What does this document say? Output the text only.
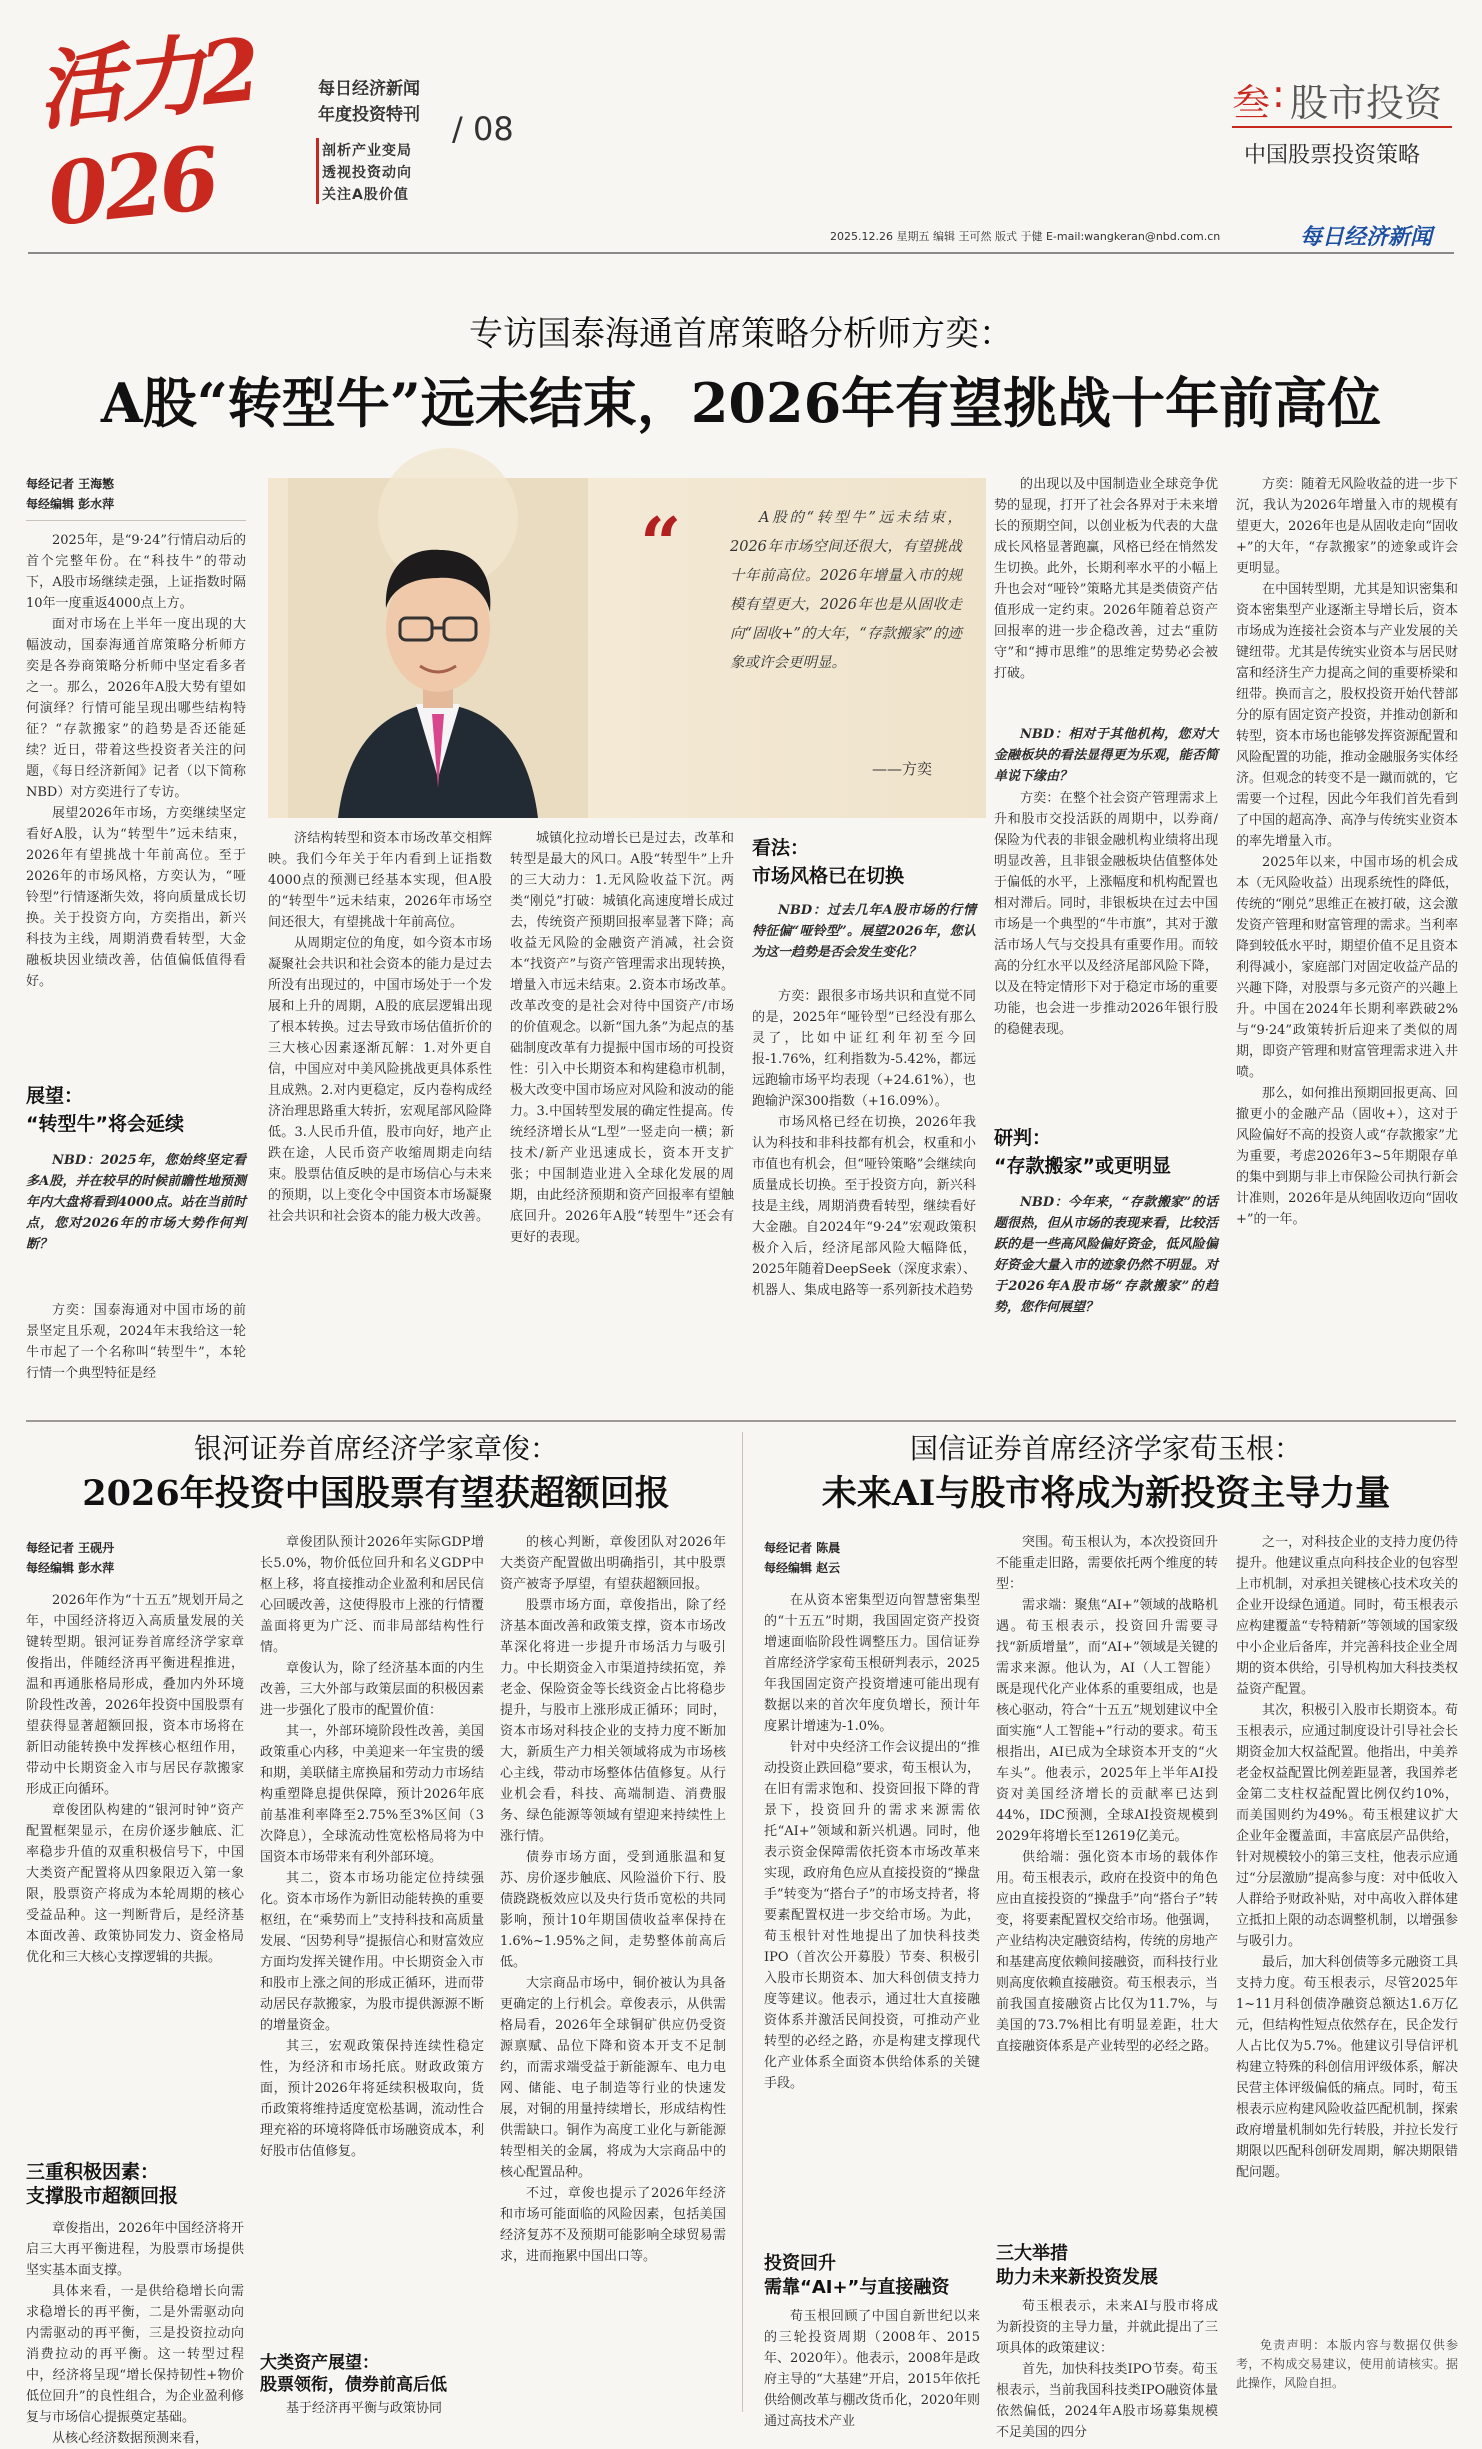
活力2026
每日经济新闻
年度投资特刊 / 08
剖析产业变局
透视投资动向
关注A股价值
叁 : 股市投资
中国股票投资策略
2025.12.26 星期五 编辑 王可然 版式 于健 E-mail:wangkeran@nbd.com.cn	每日经济新闻
专访国泰海通首席策略分析师方奕：
A股“转型牛”远未结束，2026年有望挑战十年前高位
每经记者 王海慜
每经编辑 彭水萍

2025年，是“9·24”行情启动后的首个完整年份。在“科技牛”的带动下，A股市场继续走强，上证指数时隔10年一度重返4000点上方。

面对市场在上半年一度出现的大幅波动，国泰海通首席策略分析师方奕是各券商策略分析师中坚定看多者之一。那么，2026年A股大势有望如何演绎？行情可能呈现出哪些结构特征？“存款搬家”的趋势是否还能延续？近日，带着这些投资者关注的问题，《每日经济新闻》记者（以下简称NBD）对方奕进行了专访。

展望2026年市场，方奕继续坚定看好A股，认为“转型牛”远未结束，2026年有望挑战十年前高位。至于2026年的市场风格，方奕认为，“哑铃型”行情逐渐失效，将向质量成长切换。关于投资方向，方奕指出，新兴科技为主线，周期消费看转型，大金融板块因业绩改善，估值偏低值得看好。

展望：
“转型牛”将会延续
NBD：2025年，您始终坚定看多A股，并在较早的时候前瞻性地预测年内大盘将看到4000点。站在当前时点，您对2026年的市场大势作何判断？
方奕：国泰海通对中国市场的前景坚定且乐观，2024年末我给这一轮牛市起了一个名称叫“转型牛”，本轮行情一个典型特征是经
“	A股的“转型牛”远未结束，2026年市场空间还很大，有望挑战十年前高位。2026年增量入市的规模有望更大，2026年也是从固收走向“固收+”的大年，“存款搬家”的迹象或许会更明显。
——方奕

济结构转型和资本市场改革交相辉映。我们今年关于年内看到上证指数4000点的预测已经基本实现，但A股的“转型牛”远未结束，2026年市场空间还很大，有望挑战十年前高位。

从周期定位的角度，如今资本市场凝聚社会共识和社会资本的能力是过去所没有出现过的，中国市场处于一个发展和上升的周期，A股的底层逻辑出现了根本转换。过去导致市场估值折价的三大核心因素逐渐瓦解：1.对外更自信，中国应对中美风险挑战更具体系性且成熟。2.对内更稳定，反内卷构成经济治理思路重大转折，宏观尾部风险降低。3.人民币升值，股市向好，地产止跌在途，人民币资产收缩周期走向结束。股票估值反映的是市场信心与未来的预期，以上变化令中国资本市场凝聚社会共识和社会资本的能力极大改善。

城镇化拉动增长已是过去，改革和转型是最大的风口。A股“转型牛”上升的三大动力：1.无风险收益下沉。两类“刚兑”打破：城镇化高速度增长成过去，传统资产预期回报率显著下降；高收益无风险的金融资产消减，社会资本“找资产”与资产管理需求出现转换，增量入市远未结束。2.资本市场改革。改革改变的是社会对待中国资产/市场的价值观念。以新“国九条”为起点的基础制度改革有力提振中国市场的可投资性：引入中长期资本和构建稳市机制，极大改变中国市场应对风险和波动的能力。3.中国转型发展的确定性提高。传统经济增长从“L型”一竖走向一横；新技术/新产业迅速成长，资本开支扩张；中国制造业进入全球化发展的周期，由此经济预期和资产回报率有望触底回升。2026年A股“转型牛”还会有更好的表现。
看法：
市场风格已在切换
NBD：过去几年A股市场的行情特征偏“哑铃型”。展望2026年，您认为这一趋势是否会发生变化？

方奕：跟很多市场共识和直觉不同的是，2025年“哑铃型”已经没有那么灵了，比如中证红利年初至今回报-1.76%，红利指数为-5.42%，都远远跑输市场平均表现（+24.61%），也跑输沪深300指数（+16.09%）。

市场风格已经在切换，2026年我认为科技和非科技都有机会，权重和小市值也有机会，但“哑铃策略”会继续向质量成长切换。至于投资方向，新兴科技是主线，周期消费看转型，继续看好大金融。自2024年“9·24”宏观政策积极介入后，经济尾部风险大幅降低，2025年随着DeepSeek（深度求索）、机器人、集成电路等一系列新技术趋势

的出现以及中国制造业全球竞争优势的显现，打开了社会各界对于未来增长的预期空间，以创业板为代表的大盘成长风格显著跑赢，风格已经在悄然发生切换。此外，长期利率水平的小幅上升也会对“哑铃”策略尤其是类债资产估值形成一定约束。2026年随着总资产回报率的进一步企稳改善，过去“重防守”和“搏市思维”的思维定势势必会被打破。
NBD：相对于其他机构，您对大金融板块的看法显得更为乐观，能否简单说下缘由？
方奕：在整个社会资产管理需求上升和股市交投活跃的周期中，以券商/保险为代表的非银金融机构业绩将出现明显改善，且非银金融板块估值整体处于偏低的水平，上涨幅度和机构配置也相对滞后。同时，非银板块在过去中国市场是一个典型的“牛市旗”，其对于激活市场人气与交投具有重要作用。而较高的分红水平以及经济尾部风险下降，以及在特定情形下对于稳定市场的重要功能，也会进一步推动2026年银行股的稳健表现。
研判：
“存款搬家”或更明显
NBD：今年来，“存款搬家”的话题很热，但从市场的表现来看，比较活跃的是一些高风险偏好资金，低风险偏好资金大量入市的迹象仍然不明显。对于2026年A股市场“存款搬家”的趋势，您作何展望？

方奕：随着无风险收益的进一步下沉，我认为2026年增量入市的规模有望更大，2026年也是从固收走向“固收+”的大年，“存款搬家”的迹象或许会更明显。

在中国转型期，尤其是知识密集和资本密集型产业逐渐主导增长后，资本市场成为连接社会资本与产业发展的关键纽带。尤其是传统实业资本与居民财富和经济生产力提高之间的重要桥梁和纽带。换而言之，股权投资开始代替部分的原有固定资产投资，并推动创新和转型，资本市场也能够发挥资源配置和风险配置的功能，推动金融服务实体经济。但观念的转变不是一蹴而就的，它需要一个过程，因此今年我们首先看到了中国的超高净、高净与传统实业资本的率先增量入市。

2025年以来，中国市场的机会成本（无风险收益）出现系统性的降低，传统的“刚兑”思维正在被打破，这会激发资产管理和财富管理的需求。当利率降到较低水平时，期望价值不足且资本利得减小，家庭部门对固定收益产品的兴趣下降，对股票与多元资产的兴趣上升。中国在2024年长期利率跌破2%与“9·24”政策转折后迎来了类似的周期，即资产管理和财富管理需求进入井喷。

那么，如何推出预期回报更高、回撤更小的金融产品（固收+），这对于风险偏好不高的投资人或“存款搬家”尤为重要，考虑2026年3~5年期限存单的集中到期与非上市保险公司执行新会计准则，2026年是从纯固收迈向“固收+”的一年。

银河证券首席经济学家章俊：
2026年投资中国股票有望获超额回报
每经记者 王砚丹
每经编辑 彭水萍

2026年作为“十五五”规划开局之年，中国经济将迈入高质量发展的关键转型期。银河证券首席经济学家章俊指出，伴随经济再平衡进程推进，温和再通胀格局形成，叠加内外环境阶段性改善，2026年投资中国股票有望获得显著超额回报，资本市场将在新旧动能转换中发挥核心枢纽作用，带动中长期资金入市与居民存款搬家形成正向循环。

章俊团队构建的“银河时钟”资产配置框架显示，在房价逐步触底、汇率稳步升值的双重积极信号下，中国大类资产配置将从四象限迈入第一象限，股票资产将成为本轮周期的核心受益品种。这一判断背后，是经济基本面改善、政策协同发力、资金格局优化和三大核心支撑逻辑的共振。

三重积极因素：
支撑股市超额回报

章俊指出，2026年中国经济将开启三大再平衡进程，为股票市场提供坚实基本面支撑。

具体来看，一是供给稳增长向需求稳增长的再平衡，二是外需驱动向内需驱动的再平衡，三是投资拉动向消费拉动的再平衡。这一转型过程中，经济将呈现“增长保持韧性+物价低位回升”的良性组合，为企业盈利修复与市场信心提振奠定基础。

从核心经济数据预测来看，

章俊团队预计2026年实际GDP增长5.0%，物价低位回升和名义GDP中枢上移，将直接推动企业盈利和居民信心回暖改善，这使得股市上涨的行情覆盖面将更为广泛、而非局部结构性行情。

章俊认为，除了经济基本面的内生改善，三大外部与政策层面的积极因素进一步强化了股市的配置价值：

其一，外部环境阶段性改善，美国政策重心内移，中美迎来一年宝贵的缓和期，美联储主席换届和劳动力市场结构重塑降息提供保障，预计2026年底前基准利率降至2.75%至3%区间（3次降息），全球流动性宽松格局将为中国资本市场带来有利外部环境。

其二，资本市场功能定位持续强化。资本市场作为新旧动能转换的重要枢纽，在“乘势而上”支持科技和高质量发展、“因势利导”提振信心和财富效应方面均发挥关键作用。中长期资金入市和股市上涨之间的形成正循环，进而带动居民存款搬家，为股市提供源源不断的增量资金。

其三，宏观政策保持连续性稳定性，为经济和市场托底。财政政策方面，预计2026年将延续积极取向，货币政策将维持适度宽松基调，流动性合理充裕的环境将降低市场融资成本，利好股市估值修复。

大类资产展望：
股票领衔，债券前高后低
基于经济再平衡与政策协同

的核心判断，章俊团队对2026年大类资产配置做出明确指引，其中股票资产被寄予厚望，有望获超额回报。

股票市场方面，章俊指出，除了经济基本面改善和政策支撑，资本市场改革深化将进一步提升市场活力与吸引力。中长期资金入市渠道持续拓宽，养老金、保险资金等长线资金占比将稳步提升，与股市上涨形成正循环；同时，资本市场对科技企业的支持力度不断加大，新质生产力相关领域将成为市场核心主线，带动市场整体估值修复。从行业机会看，科技、高端制造、消费服务、绿色能源等领域有望迎来持续性上涨行情。

债券市场方面，受到通胀温和复苏、房价逐步触底、风险溢价下行、股债跷跷板效应以及央行货币宽松的共同影响，预计10年期国债收益率保持在1.6%~1.95%之间，走势整体前高后低。

大宗商品市场中，铜价被认为具备更确定的上行机会。章俊表示，从供需格局看，2026年全球铜矿供应仍受资源禀赋、品位下降和资本开支不足制约，而需求端受益于新能源车、电力电网、储能、电子制造等行业的快速发展，对铜的用量持续增长，形成结构性供需缺口。铜作为高度工业化与新能源转型相关的金属，将成为大宗商品中的核心配置品种。

不过，章俊也提示了2026年经济和市场可能面临的风险因素，包括美国经济复苏不及预期可能影响全球贸易需求，进而拖累中国出口等。

国信证券首席经济学家荀玉根：
未来AI与股市将成为新投资主导力量
每经记者 陈晨
每经编辑 赵云

在从资本密集型迈向智慧密集型的“十五五”时期，我国固定资产投资增速面临阶段性调整压力。国信证券首席经济学家荀玉根研判表示，2025年我国固定资产投资增速可能出现有数据以来的首次年度负增长，预计年度累计增速为-1.0%。

针对中央经济工作会议提出的“推动投资止跌回稳”要求，荀玉根认为，在旧有需求饱和、投资回报下降的背景下，投资回升的需求来源需依托“AI+”领域和新兴机遇。同时，他表示资金保障需依托资本市场改革来实现，政府角色应从直接投资的“操盘手”转变为“搭台子”的市场支持者，将要素配置权进一步交给市场。为此，荀玉根针对性地提出了加快科技类IPO（首次公开募股）节奏、积极引入股市长期资本、加大科创债支持力度等建议。他表示，通过壮大直接融资体系并激活民间投资，可推动产业转型的必经之路，亦是构建支撑现代化产业体系全面资本供给体系的关键手段。

投资回升
需靠“AI+”与直接融资
荀玉根回顾了中国自新世纪以来的三轮投资周期（2008年、2015年、2020年）。他表示，2008年是政府主导的“大基建”开启，2015年依托供给侧改革与棚改货币化，2020年则通过高技术产业

突围。荀玉根认为，本次投资回升不能重走旧路，需要依托两个维度的转型：

需求端：聚焦“AI+”领域的战略机遇。荀玉根表示，投资回升需要寻找“新质增量”，而“AI+”领域是关键的需求来源。他认为，AI（人工智能）既是现代化产业体系的重要组成，也是核心驱动，符合“十五五”规划建议中全面实施“人工智能+”行动的要求。荀玉根指出，AI已成为全球资本开支的“火车头”。他表示，2025年上半年AI投资对美国经济增长的贡献率已达到44%，IDC预测，全球AI投资规模到2029年将增长至12619亿美元。

供给端：强化资本市场的载体作用。荀玉根表示，政府在投资中的角色应由直接投资的“操盘手”向“搭台子”转变，将要素配置权交给市场。他强调，产业结构决定融资结构，传统的房地产和基建高度依赖间接融资，而科技行业则高度依赖直接融资。荀玉根表示，当前我国直接融资占比仅为11.7%，与美国的73.7%相比有明显差距，壮大直接融资体系是产业转型的必经之路。

三大举措
助力未来新投资发展

荀玉根表示，未来AI与股市将成为新投资的主导力量，并就此提出了三项具体的政策建议：

首先，加快科技类IPO节奏。荀玉根表示，当前我国科技类IPO融资体量依然偏低，2024年A股市场募集规模不足美国的四分

之一，对科技企业的支持力度仍待提升。他建议重点向科技企业的包容型上市机制，对承担关键核心技术攻关的企业开设绿色通道。同时，荀玉根表示应构建覆盖“专特精新”等领域的国家级中小企业后备库，并完善科技企业全周期的资本供给，引导机构加大科技类权益资产配置。

其次，积极引入股市长期资本。荀玉根表示，应通过制度设计引导社会长期资金加大权益配置。他指出，中美养老金权益配置比例差距显著，我国养老金第二支柱权益配置比例仅约10%，而美国则约为49%。荀玉根建议扩大企业年金覆盖面，丰富底层产品供给，针对规模较小的第三支柱，他表示应通过“分层激励”提高参与度：对中低收入人群给予财政补贴，对中高收入群体建立抵扣上限的动态调整机制，以增强参与吸引力。

最后，加大科创债等多元融资工具支持力度。荀玉根表示，尽管2025年1~11月科创债净融资总额达1.6万亿元，但结构性短点依然存在，民企发行人占比仅为5.7%。他建议引导信评机构建立特殊的科创信用评级体系，解决民营主体评级偏低的痛点。同时，荀玉根表示应构建风险收益匹配机制，探索政府增量机制如先行转股，并拉长发行期限以匹配科创研发周期，解决期限错配问题。

免责声明：本版内容与数据仅供参考，不构成交易建议，使用前请核实。据此操作，风险自担。
